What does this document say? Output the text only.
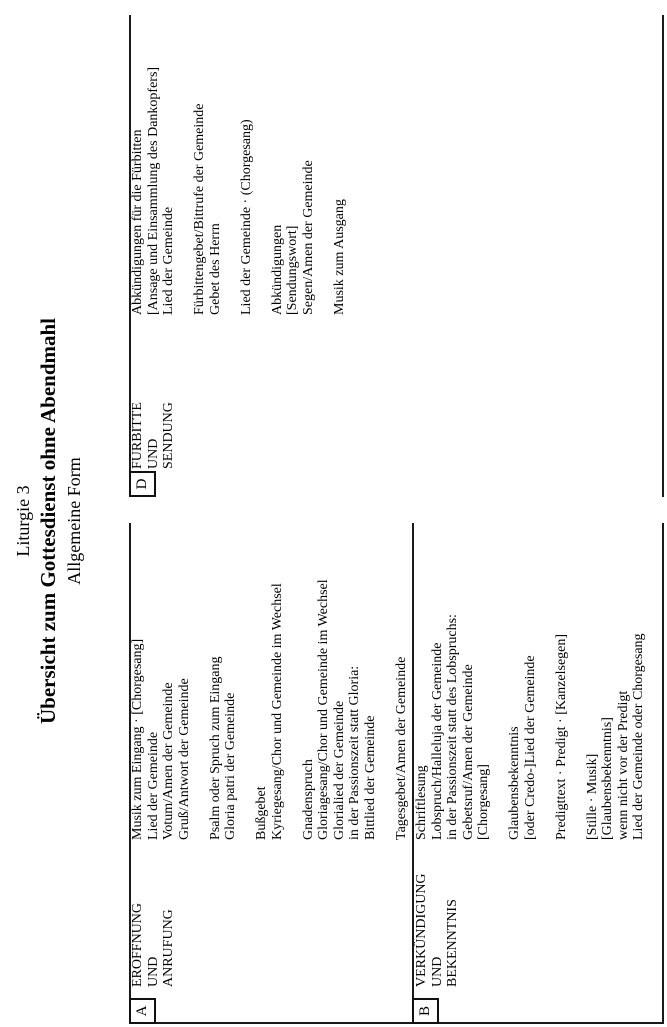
Liturgie 3 Übersicht zum Gottesdienst ohne Abendmahl Allgemeine Form
A
ERÖFFNUNG UND ANRUFUNG
Musik zum Eingang · [Chorgesang] Lied der Gemeinde Votum/Amen der Gemeinde Gruß/Antwort der Gemeinde
Psalm oder Spruch zum Eingang Gloria patri der Gemeinde
Bußgebet Kyriegesang/Chor und Gemeinde im Wechsel
Gnadenspruch Gloriagesang/Chor und Gemeinde im Wechsel Glorialied der Gemeinde in der Passionszeit statt Gloria: Bittlied der Gemeinde
Tagesgebet/Amen der Gemeinde
B
VERKÜNDIGUNG UND BEKENNTNIS
Schriftlesung Lobspruch/Halleluja der Gemeinde in der Passionszeit statt des Lobspruchs: Gebetsruf/Amen der Gemeinde [Chorgesang]
Glaubensbekenntnis [oder Credo-]Lied der Gemeinde
Predigttext · Predigt · [Kanzelsegen]
[Stille · Musik] [Glaubensbekenntnis] wenn nicht vor der Predigt Lied der Gemeinde oder Chorgesang
D
FÜRBITTE UND SENDUNG
Abkündigungen für die Fürbitten [Ansage und Einsammlung des Dankopfers] Lied der Gemeinde
Fürbittengebet/Bittrufe der Gemeinde Gebet des Herrn
Lied der Gemeinde · (Chorgesang)
Abkündigungen [Sendungswort] Segen/Amen der Gemeinde
Musik zum Ausgang
